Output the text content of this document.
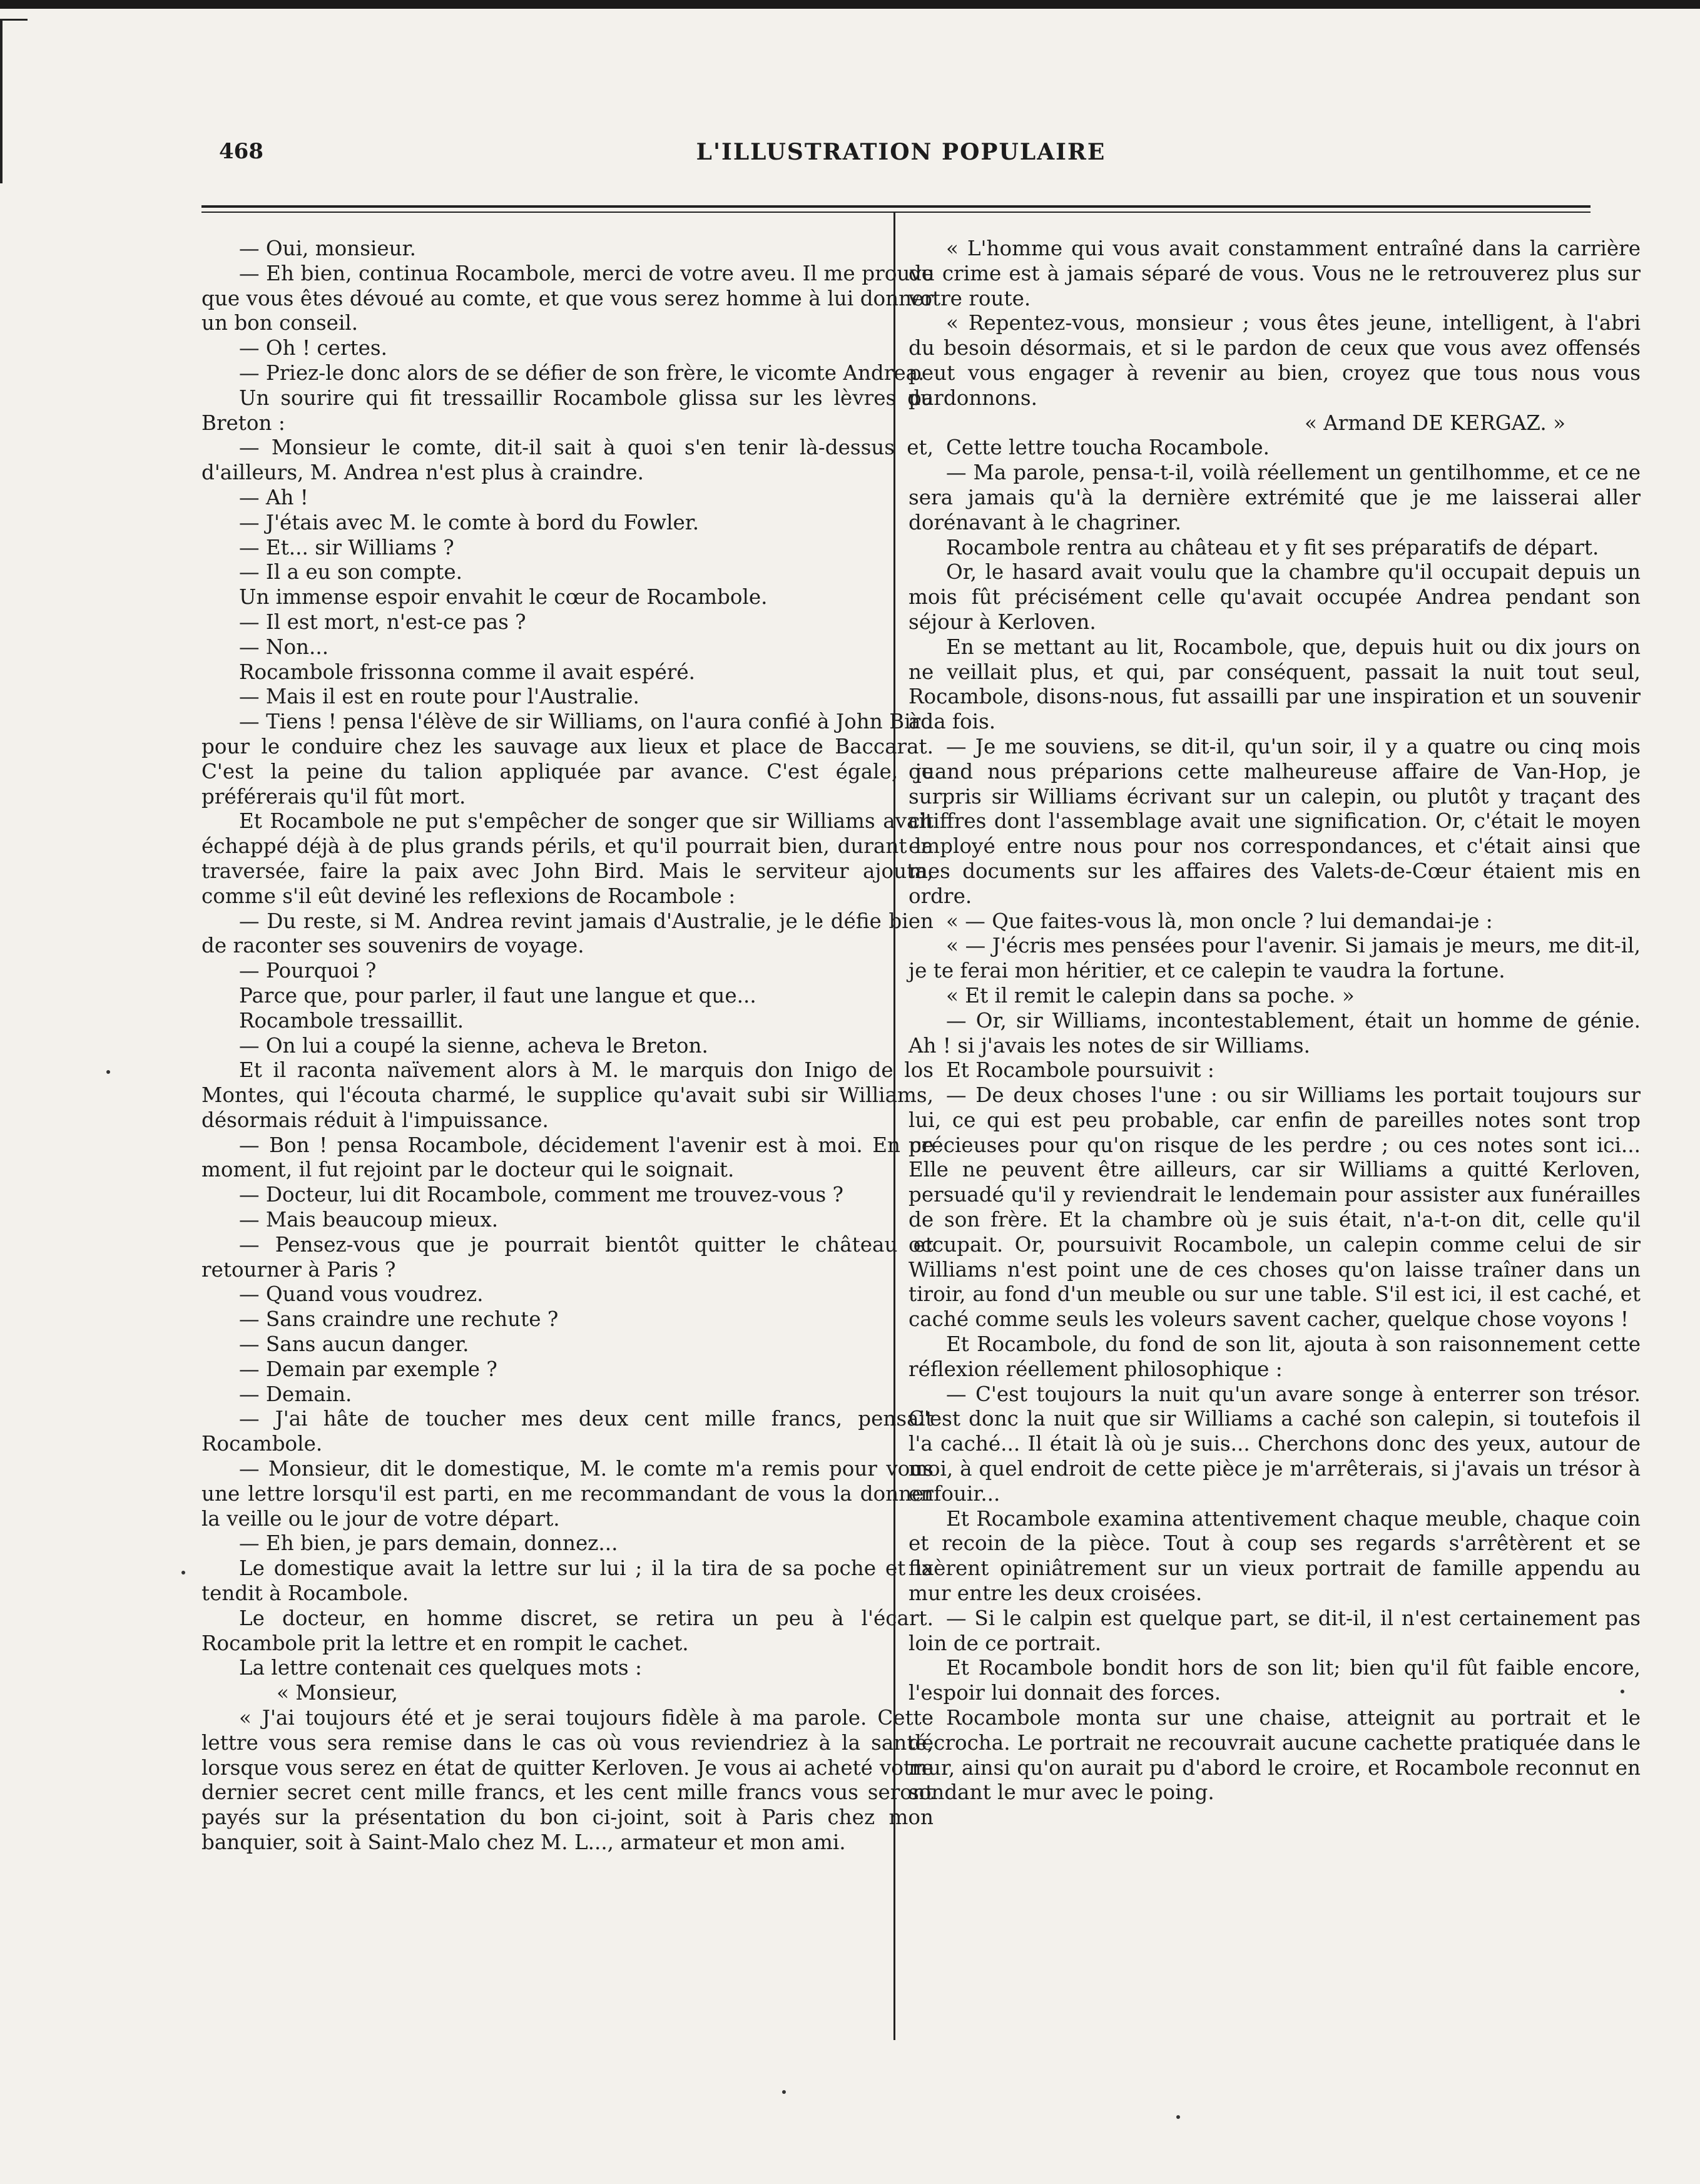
468	L'ILLUSTRATION POPULAIRE

— Oui, monsieur.

— Eh bien, continua Rocambole, merci de votre aveu. Il me prouve que vous êtes dévoué au comte, et que vous serez homme à lui donner un bon conseil.

— Oh ! certes.

— Priez-le donc alors de se défier de son frère, le vicomte Andrea.

Un sourire qui fit tressaillir Rocambole glissa sur les lèvres du Breton :

— Monsieur le comte, dit-il sait à quoi s'en tenir là-dessus et, d'ailleurs, M. Andrea n'est plus à craindre.

— Ah !

— J'étais avec M. le comte à bord du Fowler.

— Et... sir Williams ?

— Il a eu son compte.

Un immense espoir envahit le cœur de Rocambole.

— Il est mort, n'est-ce pas ?

— Non...

Rocambole frissonna comme il avait espéré.

— Mais il est en route pour l'Australie.

— Tiens ! pensa l'élève de sir Williams, on l'aura confié à John Bird pour le conduire chez les sauvage aux lieux et place de Baccarat. C'est la peine du talion appliquée par avance. C'est égale, je préférerais qu'il fût mort.

Et Rocambole ne put s'empêcher de songer que sir Williams avait échappé déjà à de plus grands périls, et qu'il pourrait bien, durant la traversée, faire la paix avec John Bird. Mais le serviteur ajouta, comme s'il eût deviné les reflexions de Rocambole :

— Du reste, si M. Andrea revint jamais d'Australie, je le défie bien de raconter ses souvenirs de voyage.

— Pourquoi ?

Parce que, pour parler, il faut une langue et que...

Rocambole tressaillit.

— On lui a coupé la sienne, acheva le Breton.

Et il raconta naïvement alors à M. le marquis don Inigo de los Montes, qui l'écouta charmé, le supplice qu'avait subi sir Williams, désormais réduit à l'impuissance.

— Bon ! pensa Rocambole, décidement l'avenir est à moi. En ce moment, il fut rejoint par le docteur qui le soignait.

— Docteur, lui dit Rocambole, comment me trouvez-vous ?

— Mais beaucoup mieux.

— Pensez-vous que je pourrait bientôt quitter le château et retourner à Paris ?

— Quand vous voudrez.

— Sans craindre une rechute ?

— Sans aucun danger.

— Demain par exemple ?

— Demain.

— J'ai hâte de toucher mes deux cent mille francs, pensait Rocambole.

— Monsieur, dit le domestique, M. le comte m'a remis pour vous une lettre lorsqu'il est parti, en me recommandant de vous la donner la veille ou le jour de votre départ.

— Eh bien, je pars demain, donnez...

Le domestique avait la lettre sur lui ; il la tira de sa poche et la tendit à Rocambole.

Le docteur, en homme discret, se retira un peu à l'écart. Rocambole prit la lettre et en rompit le cachet.

La lettre contenait ces quelques mots :

« Monsieur,

« J'ai toujours été et je serai toujours fidèle à ma parole. Cette lettre vous sera remise dans le cas où vous reviendriez à la santé, lorsque vous serez en état de quitter Kerloven. Je vous ai acheté votre dernier secret cent mille francs, et les cent mille francs vous seront payés sur la présentation du bon ci-joint, soit à Paris chez mon banquier, soit à Saint-Malo chez M. L..., armateur et mon ami.

« L'homme qui vous avait constamment entraîné dans la carrière du crime est à jamais séparé de vous. Vous ne le retrouverez plus sur votre route.

« Repentez-vous, monsieur ; vous êtes jeune, intelligent, à l'abri du besoin désormais, et si le pardon de ceux que vous avez offensés peut vous engager à revenir au bien, croyez que tous nous vous pardonnons.

« Armand DE KERGAZ. »

Cette lettre toucha Rocambole.

— Ma parole, pensa-t-il, voilà réellement un gentilhomme, et ce ne sera jamais qu'à la dernière extrémité que je me laisserai aller dorénavant à le chagriner.

Rocambole rentra au château et y fit ses préparatifs de départ.

Or, le hasard avait voulu que la chambre qu'il occupait depuis un mois fût précisément celle qu'avait occupée Andrea pendant son séjour à Kerloven.

En se mettant au lit, Rocambole, que, depuis huit ou dix jours on ne veillait plus, et qui, par conséquent, passait la nuit tout seul, Rocambole, disons-nous, fut assailli par une inspiration et un souvenir à la fois.

— Je me souviens, se dit-il, qu'un soir, il y a quatre ou cinq mois quand nous préparions cette malheureuse affaire de Van-Hop, je surpris sir Williams écrivant sur un calepin, ou plutôt y traçant des chiffres dont l'assemblage avait une signification. Or, c'était le moyen employé entre nous pour nos correspondances, et c'était ainsi que mes documents sur les affaires des Valets-de-Cœur étaient mis en ordre.

« — Que faites-vous là, mon oncle ? lui demandai-je :

« — J'écris mes pensées pour l'avenir. Si jamais je meurs, me dit-il, je te ferai mon héritier, et ce calepin te vaudra la fortune.

« Et il remit le calepin dans sa poche. »

— Or, sir Williams, incontestablement, était un homme de génie. Ah ! si j'avais les notes de sir Williams.

Et Rocambole poursuivit :

— De deux choses l'une : ou sir Williams les portait toujours sur lui, ce qui est peu probable, car enfin de pareilles notes sont trop précieuses pour qu'on risque de les perdre ; ou ces notes sont ici... Elle ne peuvent être ailleurs, car sir Williams a quitté Kerloven, persuadé qu'il y reviendrait le lendemain pour assister aux funérailles de son frère. Et la chambre où je suis était, n'a-t-on dit, celle qu'il occupait. Or, poursuivit Rocambole, un calepin comme celui de sir Williams n'est point une de ces choses qu'on laisse traîner dans un tiroir, au fond d'un meuble ou sur une table. S'il est ici, il est caché, et caché comme seuls les voleurs savent cacher, quelque chose voyons !

Et Rocambole, du fond de son lit, ajouta à son raisonnement cette réflexion réellement philosophique :

— C'est toujours la nuit qu'un avare songe à enterrer son trésor. C'est donc la nuit que sir Williams a caché son calepin, si toutefois il l'a caché... Il était là où je suis... Cherchons donc des yeux, autour de moi, à quel endroit de cette pièce je m'arrêterais, si j'avais un trésor à enfouir...

Et Rocambole examina attentivement chaque meuble, chaque coin et recoin de la pièce. Tout à coup ses regards s'arrêtèrent et se fixèrent opiniâtrement sur un vieux portrait de famille appendu au mur entre les deux croisées.

— Si le calpin est quelque part, se dit-il, il n'est certainement pas loin de ce portrait.

Et Rocambole bondit hors de son lit; bien qu'il fût faible encore, l'espoir lui donnait des forces.

Rocambole monta sur une chaise, atteignit au portrait et le décrocha. Le portrait ne recouvrait aucune cachette pratiquée dans le mur, ainsi qu'on aurait pu d'abord le croire, et Rocambole reconnut en sondant le mur avec le poing.
